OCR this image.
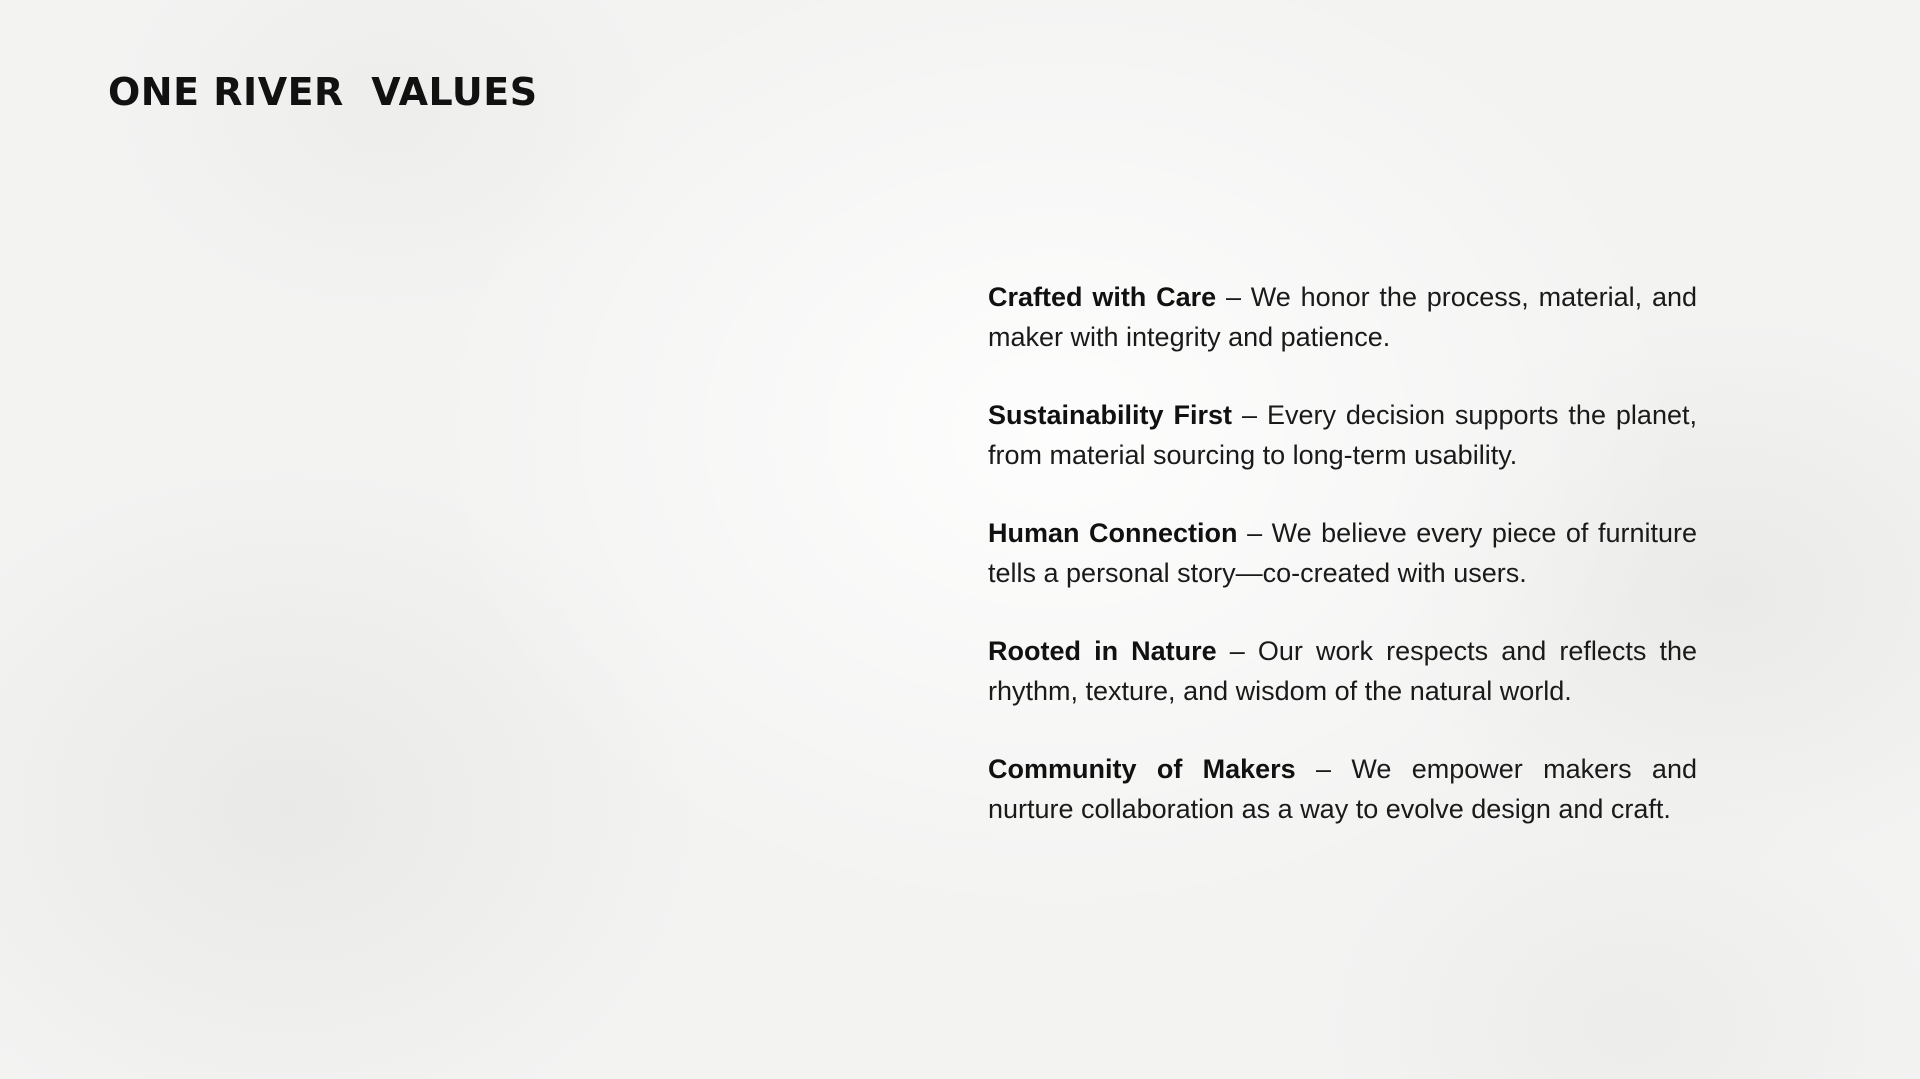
ONE RIVER  VALUES

Crafted with Care – We honor the process, material, and maker with integrity and patience.

Sustainability First – Every decision supports the planet, from material sourcing to long-term usability.

Human Connection – We believe every piece of furniture tells a personal story—co-created with users.

Rooted in Nature – Our work respects and reflects the rhythm, texture, and wisdom of the natural world.

Community of Makers – We empower makers and nurture collaboration as a way to evolve design and craft.
